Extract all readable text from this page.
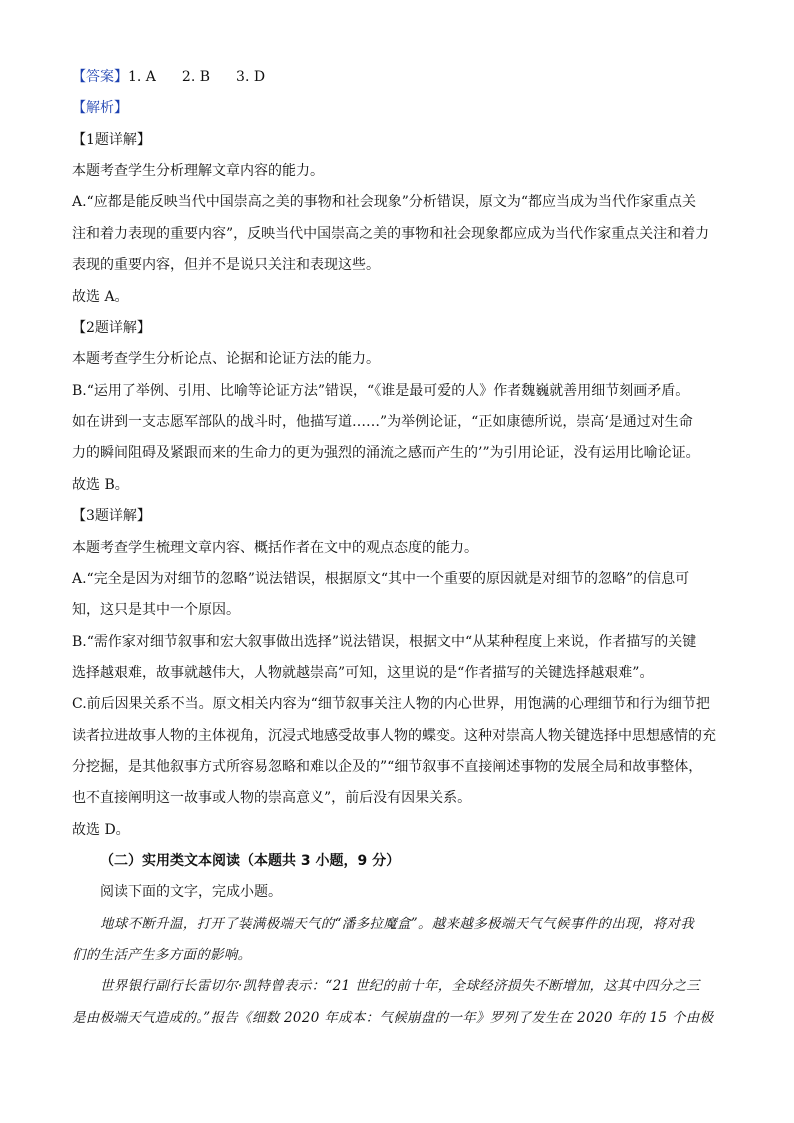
【答案】1. A 2. B 3. D
【解析】
【1题详解】
本题考查学生分析理解文章内容的能力。
A.“应都是能反映当代中国崇高之美的事物和社会现象”分析错误，原文为“都应当成为当代作家重点关
注和着力表现的重要内容”，反映当代中国崇高之美的事物和社会现象都应成为当代作家重点关注和着力
表现的重要内容，但并不是说只关注和表现这些。
故选 A。
【2题详解】
本题考查学生分析论点、论据和论证方法的能力。
B.“运用了举例、引用、比喻等论证方法”错误，“《谁是最可爱的人》作者魏巍就善用细节刻画矛盾。
如在讲到一支志愿军部队的战斗时，他描写道……”为举例论证，“正如康德所说，崇高‘是通过对生命
力的瞬间阻碍及紧跟而来的生命力的更为强烈的涌流之感而产生的’”为引用论证，没有运用比喻论证。
故选 B。
【3题详解】
本题考查学生梳理文章内容、概括作者在文中的观点态度的能力。
A.“完全是因为对细节的忽略”说法错误，根据原文“其中一个重要的原因就是对细节的忽略”的信息可
知，这只是其中一个原因。
B.“需作家对细节叙事和宏大叙事做出选择”说法错误，根据文中“从某种程度上来说，作者描写的关键
选择越艰难，故事就越伟大，人物就越崇高”可知，这里说的是“作者描写的关键选择越艰难”。
C.前后因果关系不当。原文相关内容为“细节叙事关注人物的内心世界，用饱满的心理细节和行为细节把
读者拉进故事人物的主体视角，沉浸式地感受故事人物的蝶变。这种对崇高人物关键选择中思想感情的充
分挖掘，是其他叙事方式所容易忽略和难以企及的”“细节叙事不直接阐述事物的发展全局和故事整体，
也不直接阐明这一故事或人物的崇高意义”，前后没有因果关系。
故选 D。
（二）实用类文本阅读（本题共 3 小题，9 分）
阅读下面的文字，完成小题。
地球不断升温，打开了装满极端天气的“潘多拉魔盒”。越来越多极端天气气候事件的出现，将对我
们的生活产生多方面的影响。
世界银行副行长雷切尔·凯特曾表示：“21 世纪的前十年，全球经济损失不断增加，这其中四分之三
是由极端天气造成的。”报告《细数 2020 年成本：气候崩盘的一年》罗列了发生在 2020 年的 15 个由极
